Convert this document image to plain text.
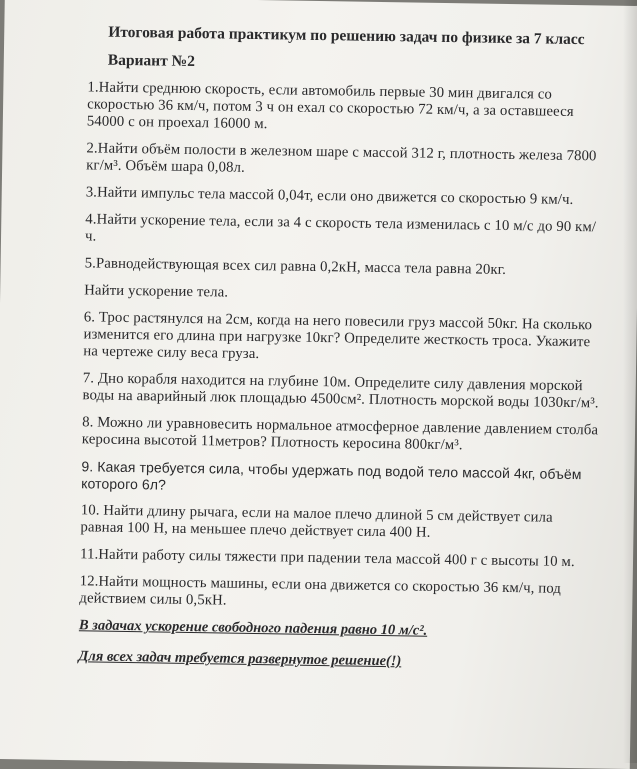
Итоговая работа практикум по решению задач по физике за 7 класс
Вариант №2
1.Найти среднюю скорость, если автомобиль первые 30 мин двигался со скоростью 36 км/ч, потом 3 ч он ехал со скоростью 72 км/ч, а за оставшееся 54000 с он проехал 16000 м.
2.Найти объём полости в железном шаре с массой 312 г, плотность железа 7800 кг/м³. Объём шара 0,08л.
3.Найти импульс тела массой 0,04т, если оно движется со скоростью 9 км/ч.
4.Найти ускорение тела, если за 4 с скорость тела изменилась с 10 м/с до 90 км/ч.
5.Равнодействующая всех сил равна 0,2кН, масса тела равна 20кг.
Найти ускорение тела.
6. Трос растянулся на 2см, когда на него повесили груз массой 50кг. На сколько изменится его длина при нагрузке 10кг? Определите жесткость троса. Укажите на чертеже силу веса груза.
7. Дно корабля находится на глубине 10м. Определите силу давления морской воды на аварийный люк площадью 4500см². Плотность морской воды 1030кг/м³.
8. Можно ли уравновесить нормальное атмосферное давление давлением столба керосина высотой 11метров? Плотность керосина 800кг/м³.
9. Какая требуется сила, чтобы удержать под водой тело массой 4кг, объём которого 6л?
10. Найти длину рычага, если на малое плечо длиной 5 см действует сила равная 100 Н, на меньшее плечо действует сила 400 Н.
11.Найти работу силы тяжести при падении тела массой 400 г с высоты 10 м.
12.Найти мощность машины, если она движется со скоростью 36 км/ч, под действием силы 0,5кН.
В задачах ускорение свободного падения равно 10 м/с².
Для всех задач требуется развернутое решение(!)
